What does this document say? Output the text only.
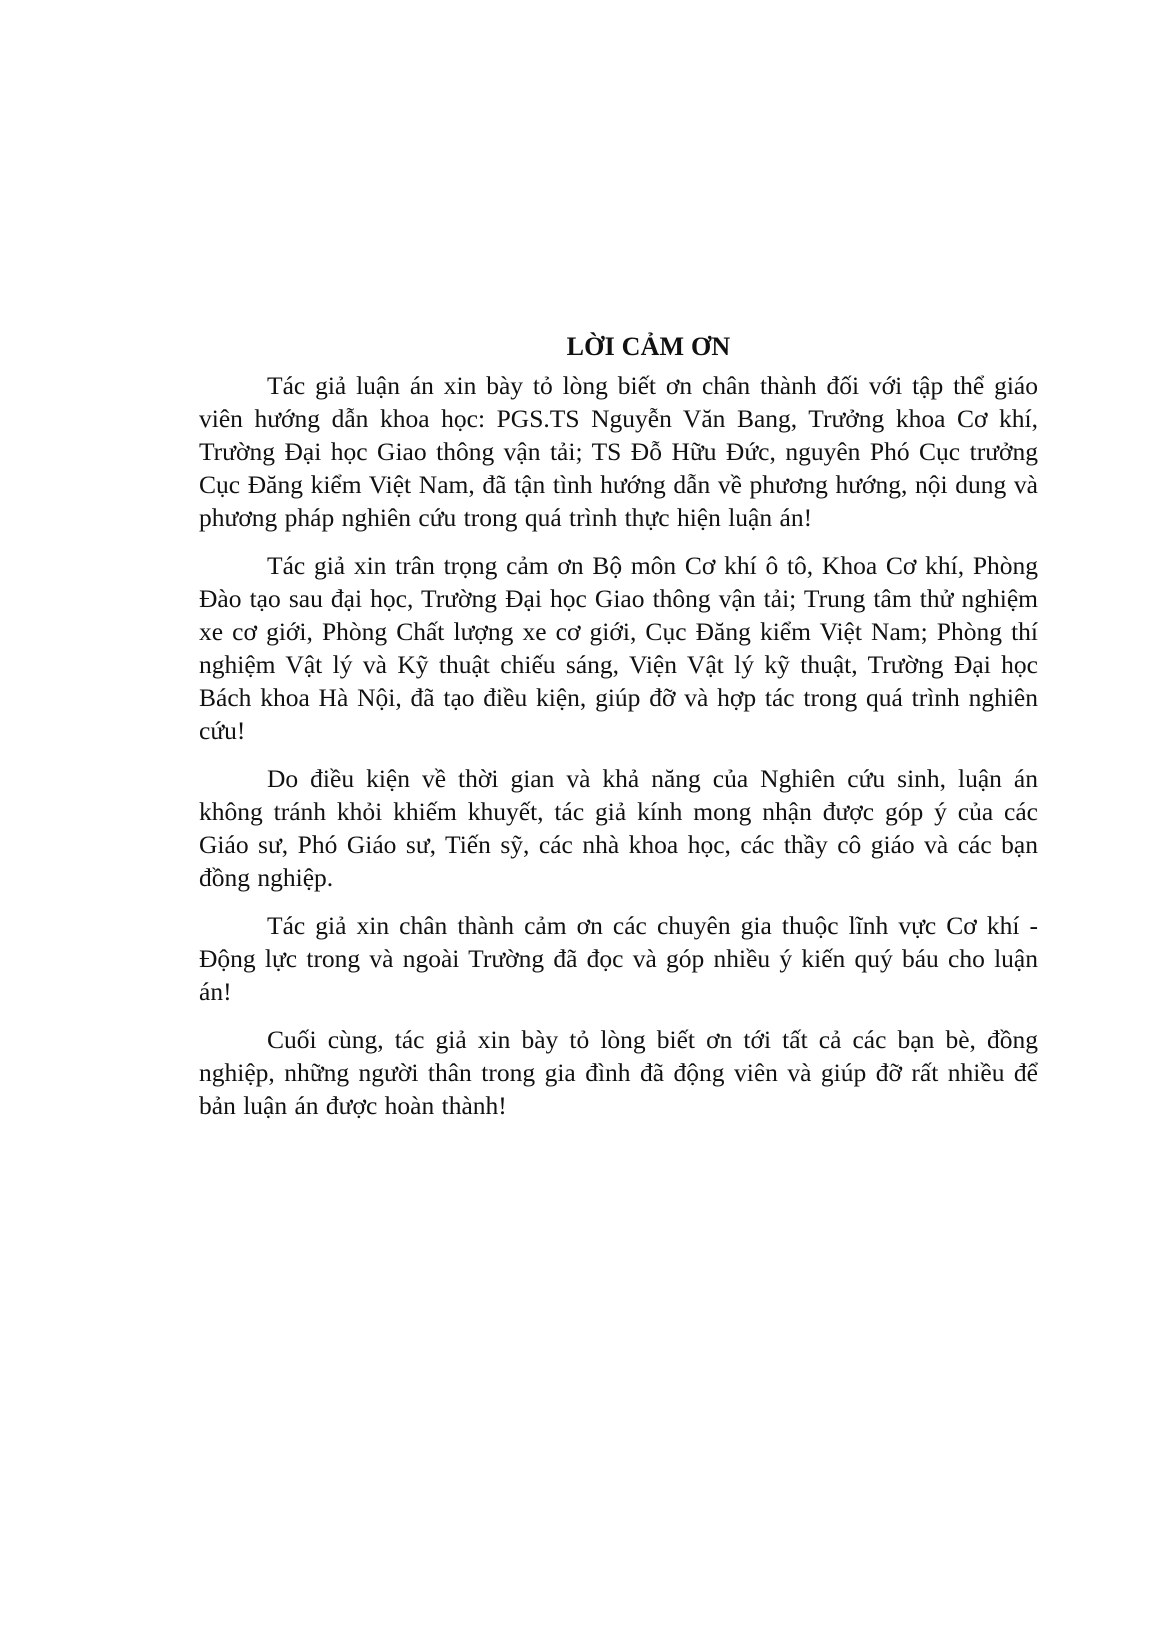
LỜI CẢM ƠN

Tác giả luận án xin bày tỏ lòng biết ơn chân thành đối với tập thể giáo viên hướng dẫn khoa học: PGS.TS Nguyễn Văn Bang, Trưởng khoa Cơ khí, Trường Đại học Giao thông vận tải; TS Đỗ Hữu Đức, nguyên Phó Cục trưởng Cục Đăng kiểm Việt Nam, đã tận tình hướng dẫn về phương hướng, nội dung và phương pháp nghiên cứu trong quá trình thực hiện luận án!

Tác giả xin trân trọng cảm ơn Bộ môn Cơ khí ô tô, Khoa Cơ khí, Phòng Đào tạo sau đại học, Trường Đại học Giao thông vận tải; Trung tâm thử nghiệm xe cơ giới, Phòng Chất lượng xe cơ giới, Cục Đăng kiểm Việt Nam; Phòng thí nghiệm Vật lý và Kỹ thuật chiếu sáng, Viện Vật lý kỹ thuật, Trường Đại học Bách khoa Hà Nội, đã tạo điều kiện, giúp đỡ và hợp tác trong quá trình nghiên cứu!

Do điều kiện về thời gian và khả năng của Nghiên cứu sinh, luận án không tránh khỏi khiếm khuyết, tác giả kính mong nhận được góp ý của các Giáo sư, Phó Giáo sư, Tiến sỹ, các nhà khoa học, các thầy cô giáo và các bạn đồng nghiệp.

Tác giả xin chân thành cảm ơn các chuyên gia thuộc lĩnh vực Cơ khí - Động lực trong và ngoài Trường đã đọc và góp nhiều ý kiến quý báu cho luận án!

Cuối cùng, tác giả xin bày tỏ lòng biết ơn tới tất cả các bạn bè, đồng nghiệp, những người thân trong gia đình đã động viên và giúp đỡ rất nhiều để bản luận án được hoàn thành!
